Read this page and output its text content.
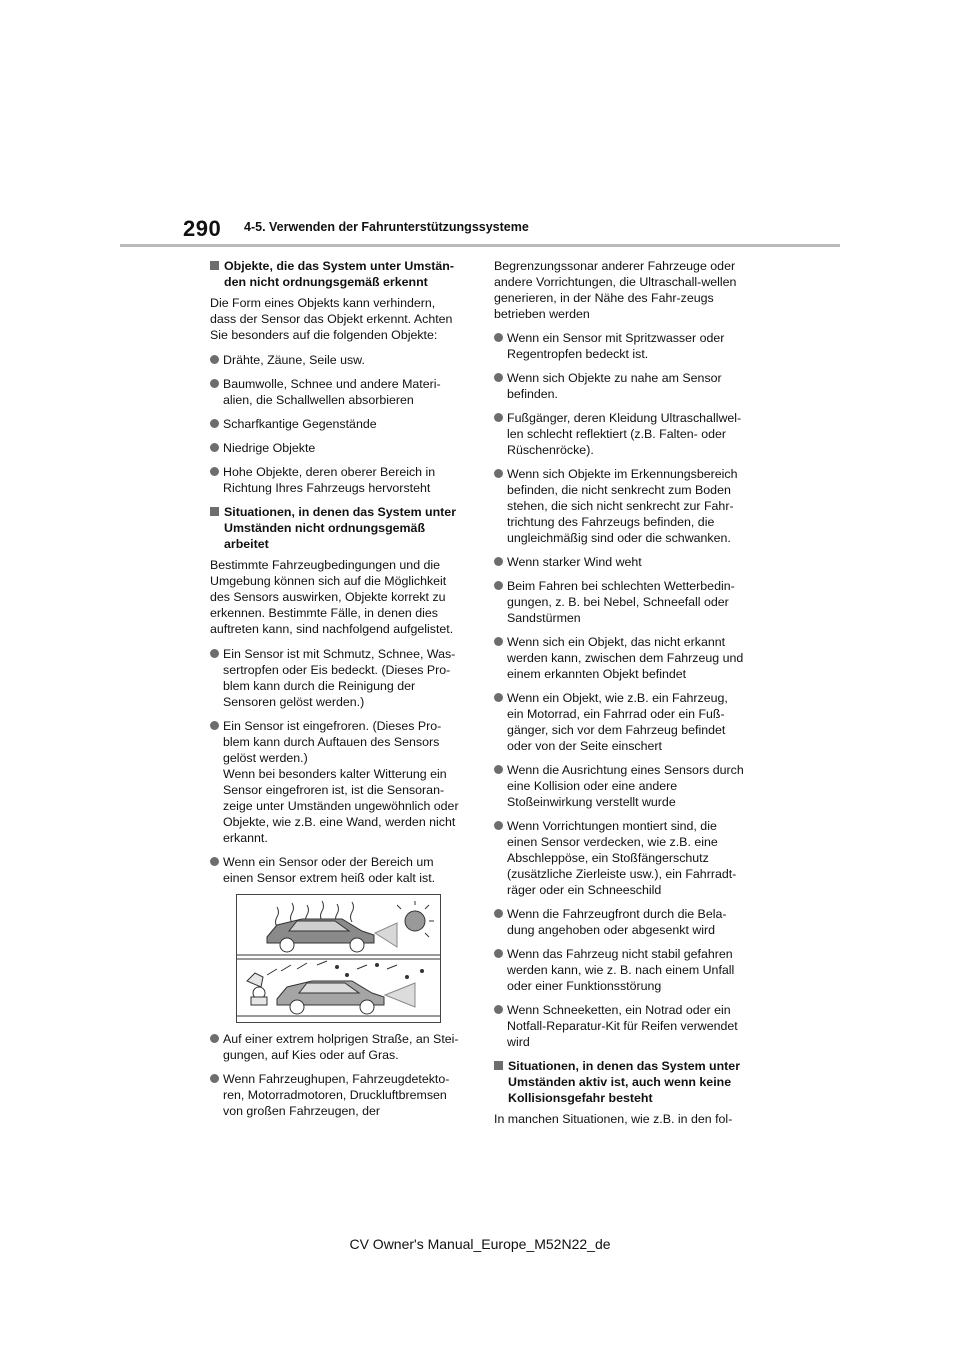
290 4-5. Verwenden der Fahrunterstützungssysteme
Objekte, die das System unter Umstän-den nicht ordnungsgemäß erkennt
Die Form eines Objekts kann verhindern, dass der Sensor das Objekt erkennt. Achten Sie besonders auf die folgenden Objekte:
Drähte, Zäune, Seile usw.
Baumwolle, Schnee und andere Materi-alien, die Schallwellen absorbieren
Scharfkantige Gegenstände
Niedrige Objekte
Hohe Objekte, deren oberer Bereich in Richtung Ihres Fahrzeugs hervorsteht
Situationen, in denen das System unter Umständen nicht ordnungsgemäß arbeitet
Bestimmte Fahrzeugbedingungen und die Umgebung können sich auf die Möglichkeit des Sensors auswirken, Objekte korrekt zu erkennen. Bestimmte Fälle, in denen dies auftreten kann, sind nachfolgend aufgelistet.
Ein Sensor ist mit Schmutz, Schnee, Was-sertropfen oder Eis bedeckt. (Dieses Pro-blem kann durch die Reinigung der Sensoren gelöst werden.)
Ein Sensor ist eingefroren. (Dieses Pro-blem kann durch Auftauen des Sensors gelöst werden.)
Wenn bei besonders kalter Witterung ein Sensor eingefroren ist, ist die Sensoran-zeige unter Umständen ungewöhnlich oder Objekte, wie z.B. eine Wand, werden nicht erkannt.
Wenn ein Sensor oder der Bereich um einen Sensor extrem heiß oder kalt ist.
Auf einer extrem holprigen Straße, an Stei-gungen, auf Kies oder auf Gras.
Wenn Fahrzeughupen, Fahrzeugdetekto-ren, Motorradmotoren, Druckluftbremsen von großen Fahrzeugen, der
Begrenzungssonar anderer Fahrzeuge oder andere Vorrichtungen, die Ultraschall-wellen generieren, in der Nähe des Fahr-zeugs betrieben werden
Wenn ein Sensor mit Spritzwasser oder Regentropfen bedeckt ist.
Wenn sich Objekte zu nahe am Sensor befinden.
Fußgänger, deren Kleidung Ultraschallwel-len schlecht reflektiert (z.B. Falten- oder Rüschenröcke).
Wenn sich Objekte im Erkennungsbereich befinden, die nicht senkrecht zum Boden stehen, die sich nicht senkrecht zur Fahr-trichtung des Fahrzeugs befinden, die ungleichmäßig sind oder die schwanken.
Wenn starker Wind weht
Beim Fahren bei schlechten Wetterbedin-gungen, z. B. bei Nebel, Schneefall oder Sandstürmen
Wenn sich ein Objekt, das nicht erkannt werden kann, zwischen dem Fahrzeug und einem erkannten Objekt befindet
Wenn ein Objekt, wie z.B. ein Fahrzeug, ein Motorrad, ein Fahrrad oder ein Fuß-gänger, sich vor dem Fahrzeug befindet oder von der Seite einschert
Wenn die Ausrichtung eines Sensors durch eine Kollision oder eine andere Stoßeinwirkung verstellt wurde
Wenn Vorrichtungen montiert sind, die einen Sensor verdecken, wie z.B. eine Abschleppöse, ein Stoßfängerschutz (zusätzliche Zierleiste usw.), ein Fahrradt-räger oder ein Schneeschild
Wenn die Fahrzeugfront durch die Bela-dung angehoben oder abgesenkt wird
Wenn das Fahrzeug nicht stabil gefahren werden kann, wie z. B. nach einem Unfall oder einer Funktionsstörung
Wenn Schneeketten, ein Notrad oder ein Notfall-Reparatur-Kit für Reifen verwendet wird
Situationen, in denen das System unter Umständen aktiv ist, auch wenn keine Kollisionsgefahr besteht
In manchen Situationen, wie z.B. in den fol-
CV Owner's Manual_Europe_M52N22_de
